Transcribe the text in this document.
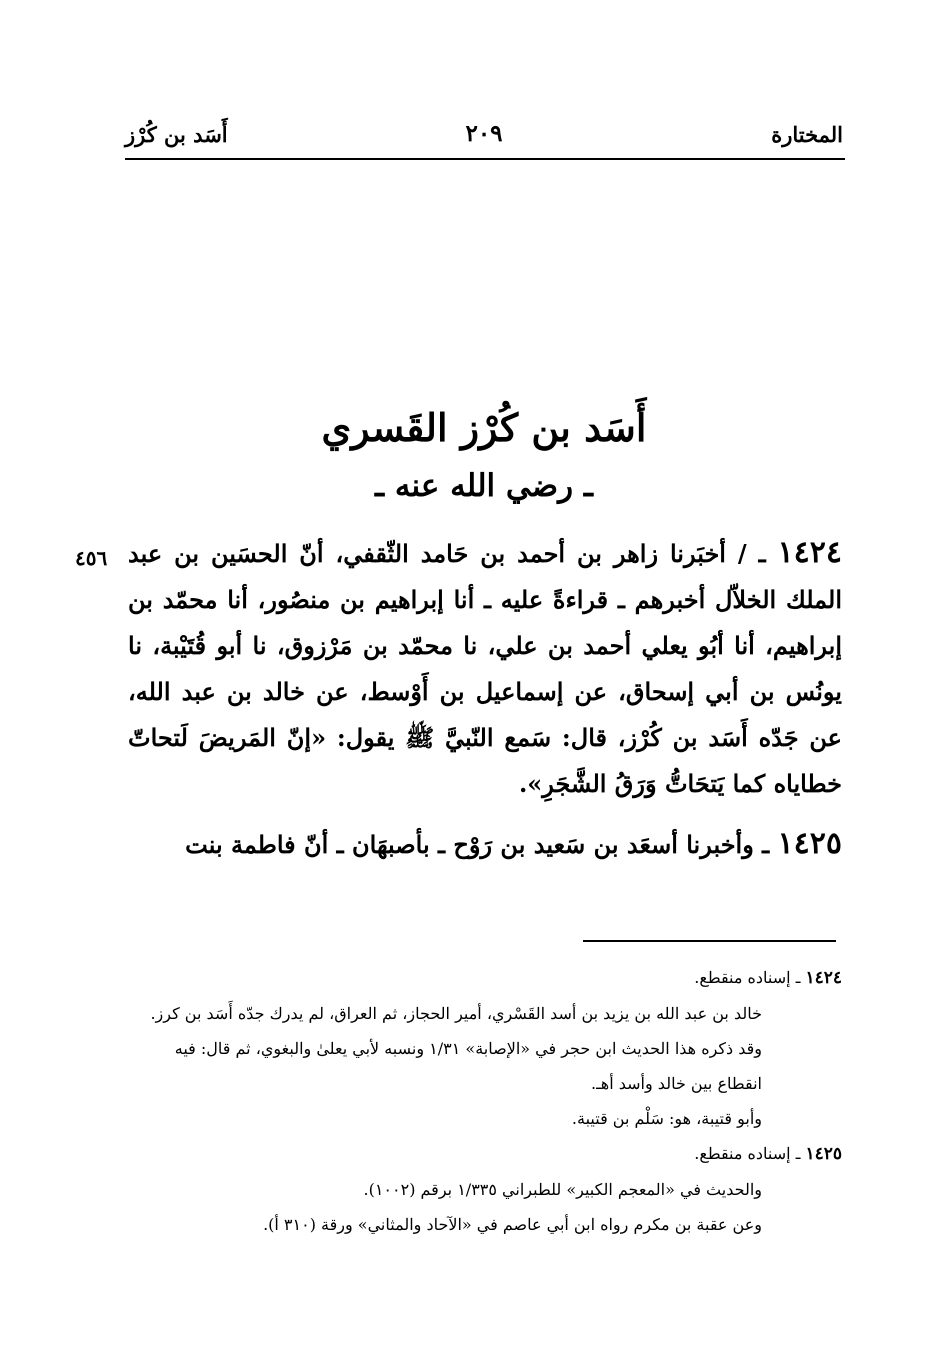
المختارة
٢٠٩
أَسَد بن كُرْز
أَسَد بن كُرْز القَسري
ـ رضي الله عنه ـ
٤٥٦	١٤٢٤ ـ / أخبَرنا زاهر بن أحمد بن حَامد الثّقفي، أنّ الحسَين بن عبد الملك الخلاّل أخبرهم ـ قراءةً عليه ـ أنا إبراهيم بن منصُور، أنا محمّد بن إبراهيم، أنا أبُو يعلي أحمد بن علي، نا محمّد بن مَرْزوق، نا أبو قُتَيْبة، نا يونُس بن أبي إسحاق، عن إسماعيل بن أَوْسط، عن خالد بن عبد الله، عن جَدّه أَسَد بن كُرْز، قال: سَمع النّبيَّ ﷺ يقول: «إنّ المَريضَ لَتحاتّ خطاياه كما يَتحَاتُّ وَرَقُ الشَّجَرِ».

١٤٢٥ ـ وأخبرنا أسعَد بن سَعيد بن رَوْح ـ بأصبهَان ـ أنّ فاطمة بنت

١٤٢٤ ـ إسناده منقطع.

خالد بن عبد الله بن يزيد بن أسد القَسْري، أمير الحجاز، ثم العراق، لم يدرك جدّه أَسَد بن كرز.

وقد ذكره هذا الحديث ابن حجر في «الإصابة» ١/٣١ ونسبه لأبي يعلىٰ والبغوي، ثم قال: فيه انقطاع بين خالد وأسد أهـ.

وأبو قتيبة، هو: سَلْم بن قتيبة.

١٤٢٥ ـ إسناده منقطع.

والحديث في «المعجم الكبير» للطبراني ١/٣٣٥ برقم (١٠٠٢).

وعن عقبة بن مكرم رواه ابن أبي عاصم في «الآحاد والمثاني» ورقة (٣١٠ أ).
